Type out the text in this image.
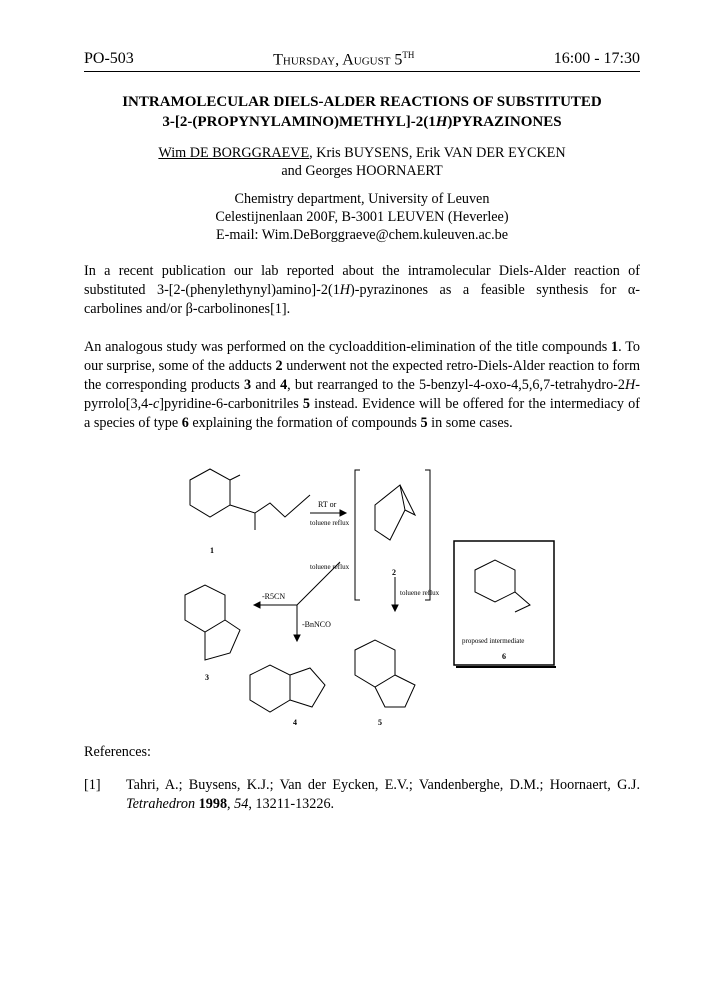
PO-503	Thursday, August 5TH	16:00 - 17:30
INTRAMOLECULAR DIELS-ALDER REACTIONS OF SUBSTITUTED
3-[2-(PROPYNYLAMINO)METHYL]-2(1H)PYRAZINONES
Wim DE BORGGRAEVE, Kris BUYSENS, Erik VAN DER EYCKEN
and Georges HOORNAERT
Chemistry department, University of Leuven
Celestijnenlaan 200F, B-3001 LEUVEN (Heverlee)
E-mail: Wim.DeBorggraeve@chem.kuleuven.ac.be
In a recent publication our lab reported about the intramolecular Diels-Alder reaction of substituted 3-[2-(phenylethynyl)amino]-2(1H)-pyrazinones as a feasible synthesis for α-carbolines and/or β-carbolinones[1].
An analogous study was performed on the cycloaddition-elimination of the title compounds 1. To our surprise, some of the adducts 2 underwent not the expected retro-Diels-Alder reaction to form the corresponding products 3 and 4, but rearranged to the 5-benzyl-4-oxo-4,5,6,7-tetrahydro-2H-pyrrolo[3,4-c]pyridine-6-carbonitriles 5 instead. Evidence will be offered for the intermediacy of a species of type 6 explaining the formation of compounds 5 in some cases.
RT or
toluene reflux
toluene reflux
toluene reflux
-R5CN
-BnNCO
proposed intermediate
1
2
3
4	5
6
References:
[1]	Tahri, A.; Buysens, K.J.; Van der Eycken, E.V.; Vandenberghe, D.M.; Hoornaert, G.J. Tetrahedron 1998, 54, 13211-13226.
